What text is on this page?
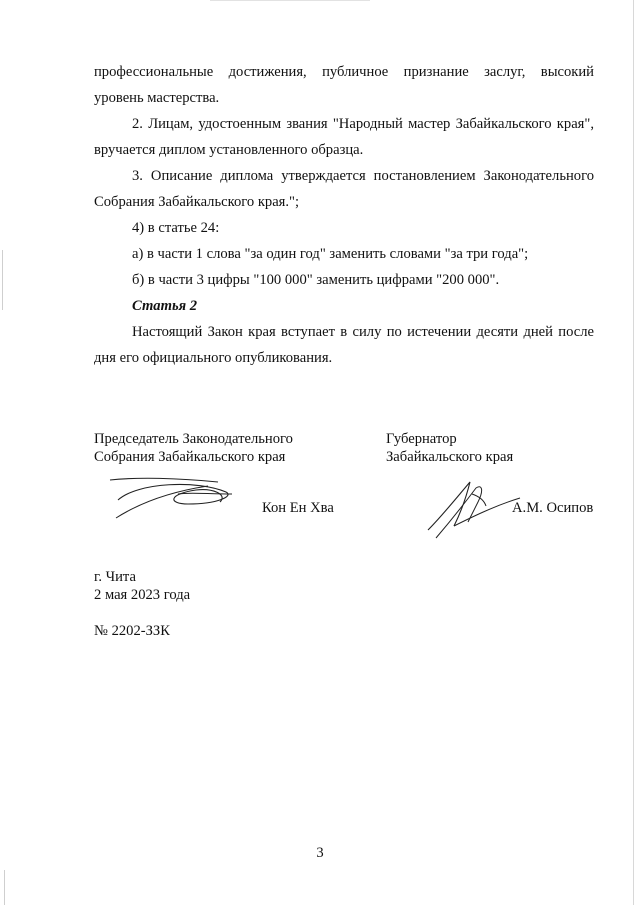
профессиональные достижения, публичное признание заслуг, высокий

уровень мастерства.

2. Лицам, удостоенным звания "Народный мастер Забайкальского края", вручается диплом установленного образца.

3. Описание диплома утверждается постановлением Законодательного Собрания Забайкальского края.";

4) в статье 24:

а) в части 1 слова "за один год" заменить словами "за три года";

б) в части 3 цифры "100 000" заменить цифрами "200 000".

Статья 2

Настоящий Закон края вступает в силу по истечении десяти дней после дня его официального опубликования.

Председатель Законодательного
Собрания Забайкальского края
Губернатор
Забайкальского края
Кон Ен Хва	А.М. Осипов
г. Чита
2 мая 2023 года
№ 2202-ЗЗК
3
